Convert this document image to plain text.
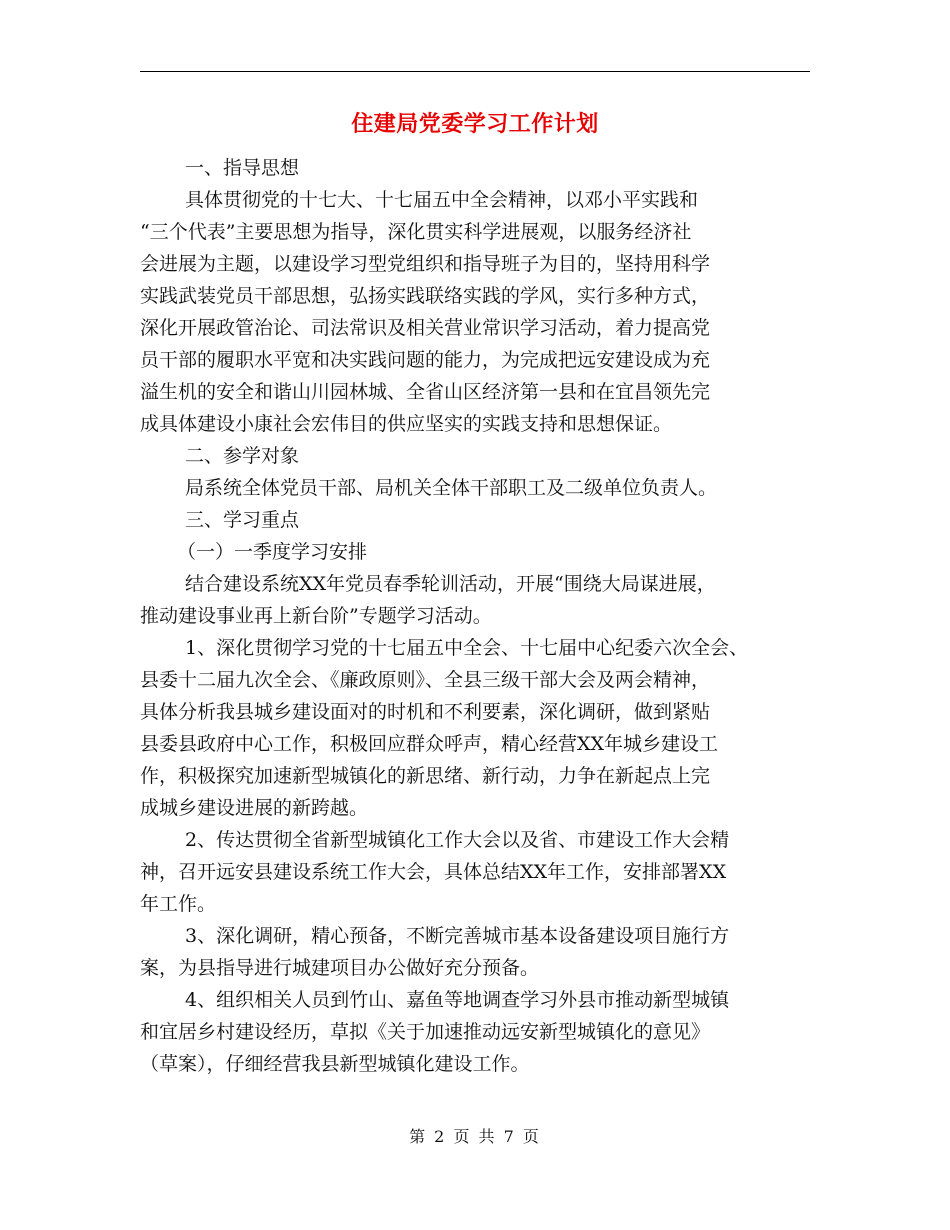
住建局党委学习工作计划
一、指导思想
具体贯彻党的十七大、十七届五中全会精神，以邓小平实践和
“三个代表”主要思想为指导，深化贯实科学进展观，以服务经济社
会进展为主题，以建设学习型党组织和指导班子为目的，坚持用科学
实践武装党员干部思想，弘扬实践联络实践的学风，实行多种方式，
深化开展政管治论、司法常识及相关营业常识学习活动，着力提高党
员干部的履职水平宽和决实践问题的能力，为完成把远安建设成为充
溢生机的安全和谐山川园林城、全省山区经济第一县和在宜昌领先完
成具体建设小康社会宏伟目的供应坚实的实践支持和思想保证。
二、参学对象
局系统全体党员干部、局机关全体干部职工及二级单位负责人。
三、学习重点
（一）一季度学习安排
结合建设系统XX年党员春季轮训活动，开展“围绕大局谋进展，
推动建设事业再上新台阶”专题学习活动。
1、深化贯彻学习党的十七届五中全会、十七届中心纪委六次全会、
县委十二届九次全会、《廉政原则》、全县三级干部大会及两会精神，
具体分析我县城乡建设面对的时机和不利要素，深化调研，做到紧贴
县委县政府中心工作，积极回应群众呼声，精心经营XX年城乡建设工
作，积极探究加速新型城镇化的新思绪、新行动，力争在新起点上完
成城乡建设进展的新跨越。
2、传达贯彻全省新型城镇化工作大会以及省、市建设工作大会精
神，召开远安县建设系统工作大会，具体总结XX年工作，安排部署XX
年工作。
3、深化调研，精心预备，不断完善城市基本设备建设项目施行方
案，为县指导进行城建项目办公做好充分预备。
4、组织相关人员到竹山、嘉鱼等地调查学习外县市推动新型城镇
和宜居乡村建设经历，草拟《关于加速推动远安新型城镇化的意见》
（草案），仔细经营我县新型城镇化建设工作。
第 2 页 共 7 页
